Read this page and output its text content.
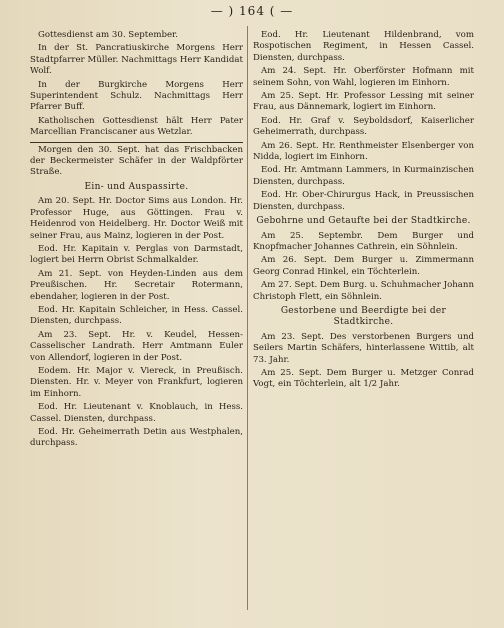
— ) 164 ( —

Gottesdienst am 30. September.

In der St. Pancratiuskirche Morgens Herr Stadtpfarrer Müller. Nachmittags Herr Kandidat Wolf.

In der Burgkirche Morgens Herr Superintendent Schulz. Nachmittags Herr Pfarrer Buff.

Katholischen Gottesdienst hält Herr Pater Marcellian Franciscaner aus Wetzlar.

Morgen den 30. Sept. hat das Frischbacken der Beckermeister Schäfer in der Waldpförter Straße.

Ein- und Auspassirte.

Am 20. Sept. Hr. Doctor Sims aus London. Hr. Professor Huge, aus Göttingen. Frau v. Heidenrod von Heidelberg. Hr. Doctor Weiß mit seiner Frau, aus Mainz, logieren in der Post.

Eod. Hr. Kapitain v. Perglas von Darmstadt, logiert bei Herrn Obrist Schmalkalder.

Am 21. Sept. von Heyden-Linden aus dem Preußischen. Hr. Secretair Rotermann, ebendaher, logieren in der Post.

Eod. Hr. Kapitain Schleicher, in Hess. Cassel. Diensten, durchpass.

Am 23. Sept. Hr. v. Keudel, Hessen-Casselischer Landrath. Herr Amtmann Euler von Allendorf, logieren in der Post.

Eodem. Hr. Major v. Viereck, in Preußisch. Diensten. Hr. v. Meyer von Frankfurt, logieren im Einhorn.

Eod. Hr. Lieutenant v. Knoblauch, in Hess. Cassel. Diensten, durchpass.

Eod. Hr. Geheimerrath Detin aus Westphalen, durchpass.

Eod. Hr. Lieutenant Hildenbrand, vom Rospotischen Regiment, in Hessen Cassel. Diensten, durchpass.

Am 24. Sept. Hr. Oberförster Hofmann mit seinem Sohn, von Wahl, logieren im Einhorn.

Am 25. Sept. Hr. Professor Lessing mit seiner Frau, aus Dännemark, logiert im Einhorn.

Eod. Hr. Graf v. Seyboldsdorf, Kaiserlicher Geheimerrath, durchpass.

Am 26. Sept. Hr. Renthmeister Elsenberger von Nidda, logiert im Einhorn.

Eod. Hr. Amtmann Lammers, in Kurmainzischen Diensten, durchpass.

Eod. Hr. Ober-Chirurgus Hack, in Preussischen Diensten, durchpass.

Gebohrne und Getaufte bei der Stadtkirche.

Am 25. Septembr. Dem Burger und Knopfmacher Johannes Cathrein, ein Söhnlein.

Am 26. Sept. Dem Burger u. Zimmermann Georg Conrad Hinkel, ein Töchterlein.

Am 27. Sept. Dem Burg. u. Schuhmacher Johann Christoph Flett, ein Söhnlein.

Gestorbene und Beerdigte bei der Stadtkirche.

Am 23. Sept. Des verstorbenen Burgers und Seilers Martin Schäfers, hinterlassene Wittib, alt 73. Jahr.

Am 25. Sept. Dem Burger u. Metzger Conrad Vogt, ein Töchterlein, alt 1/2 Jahr.
